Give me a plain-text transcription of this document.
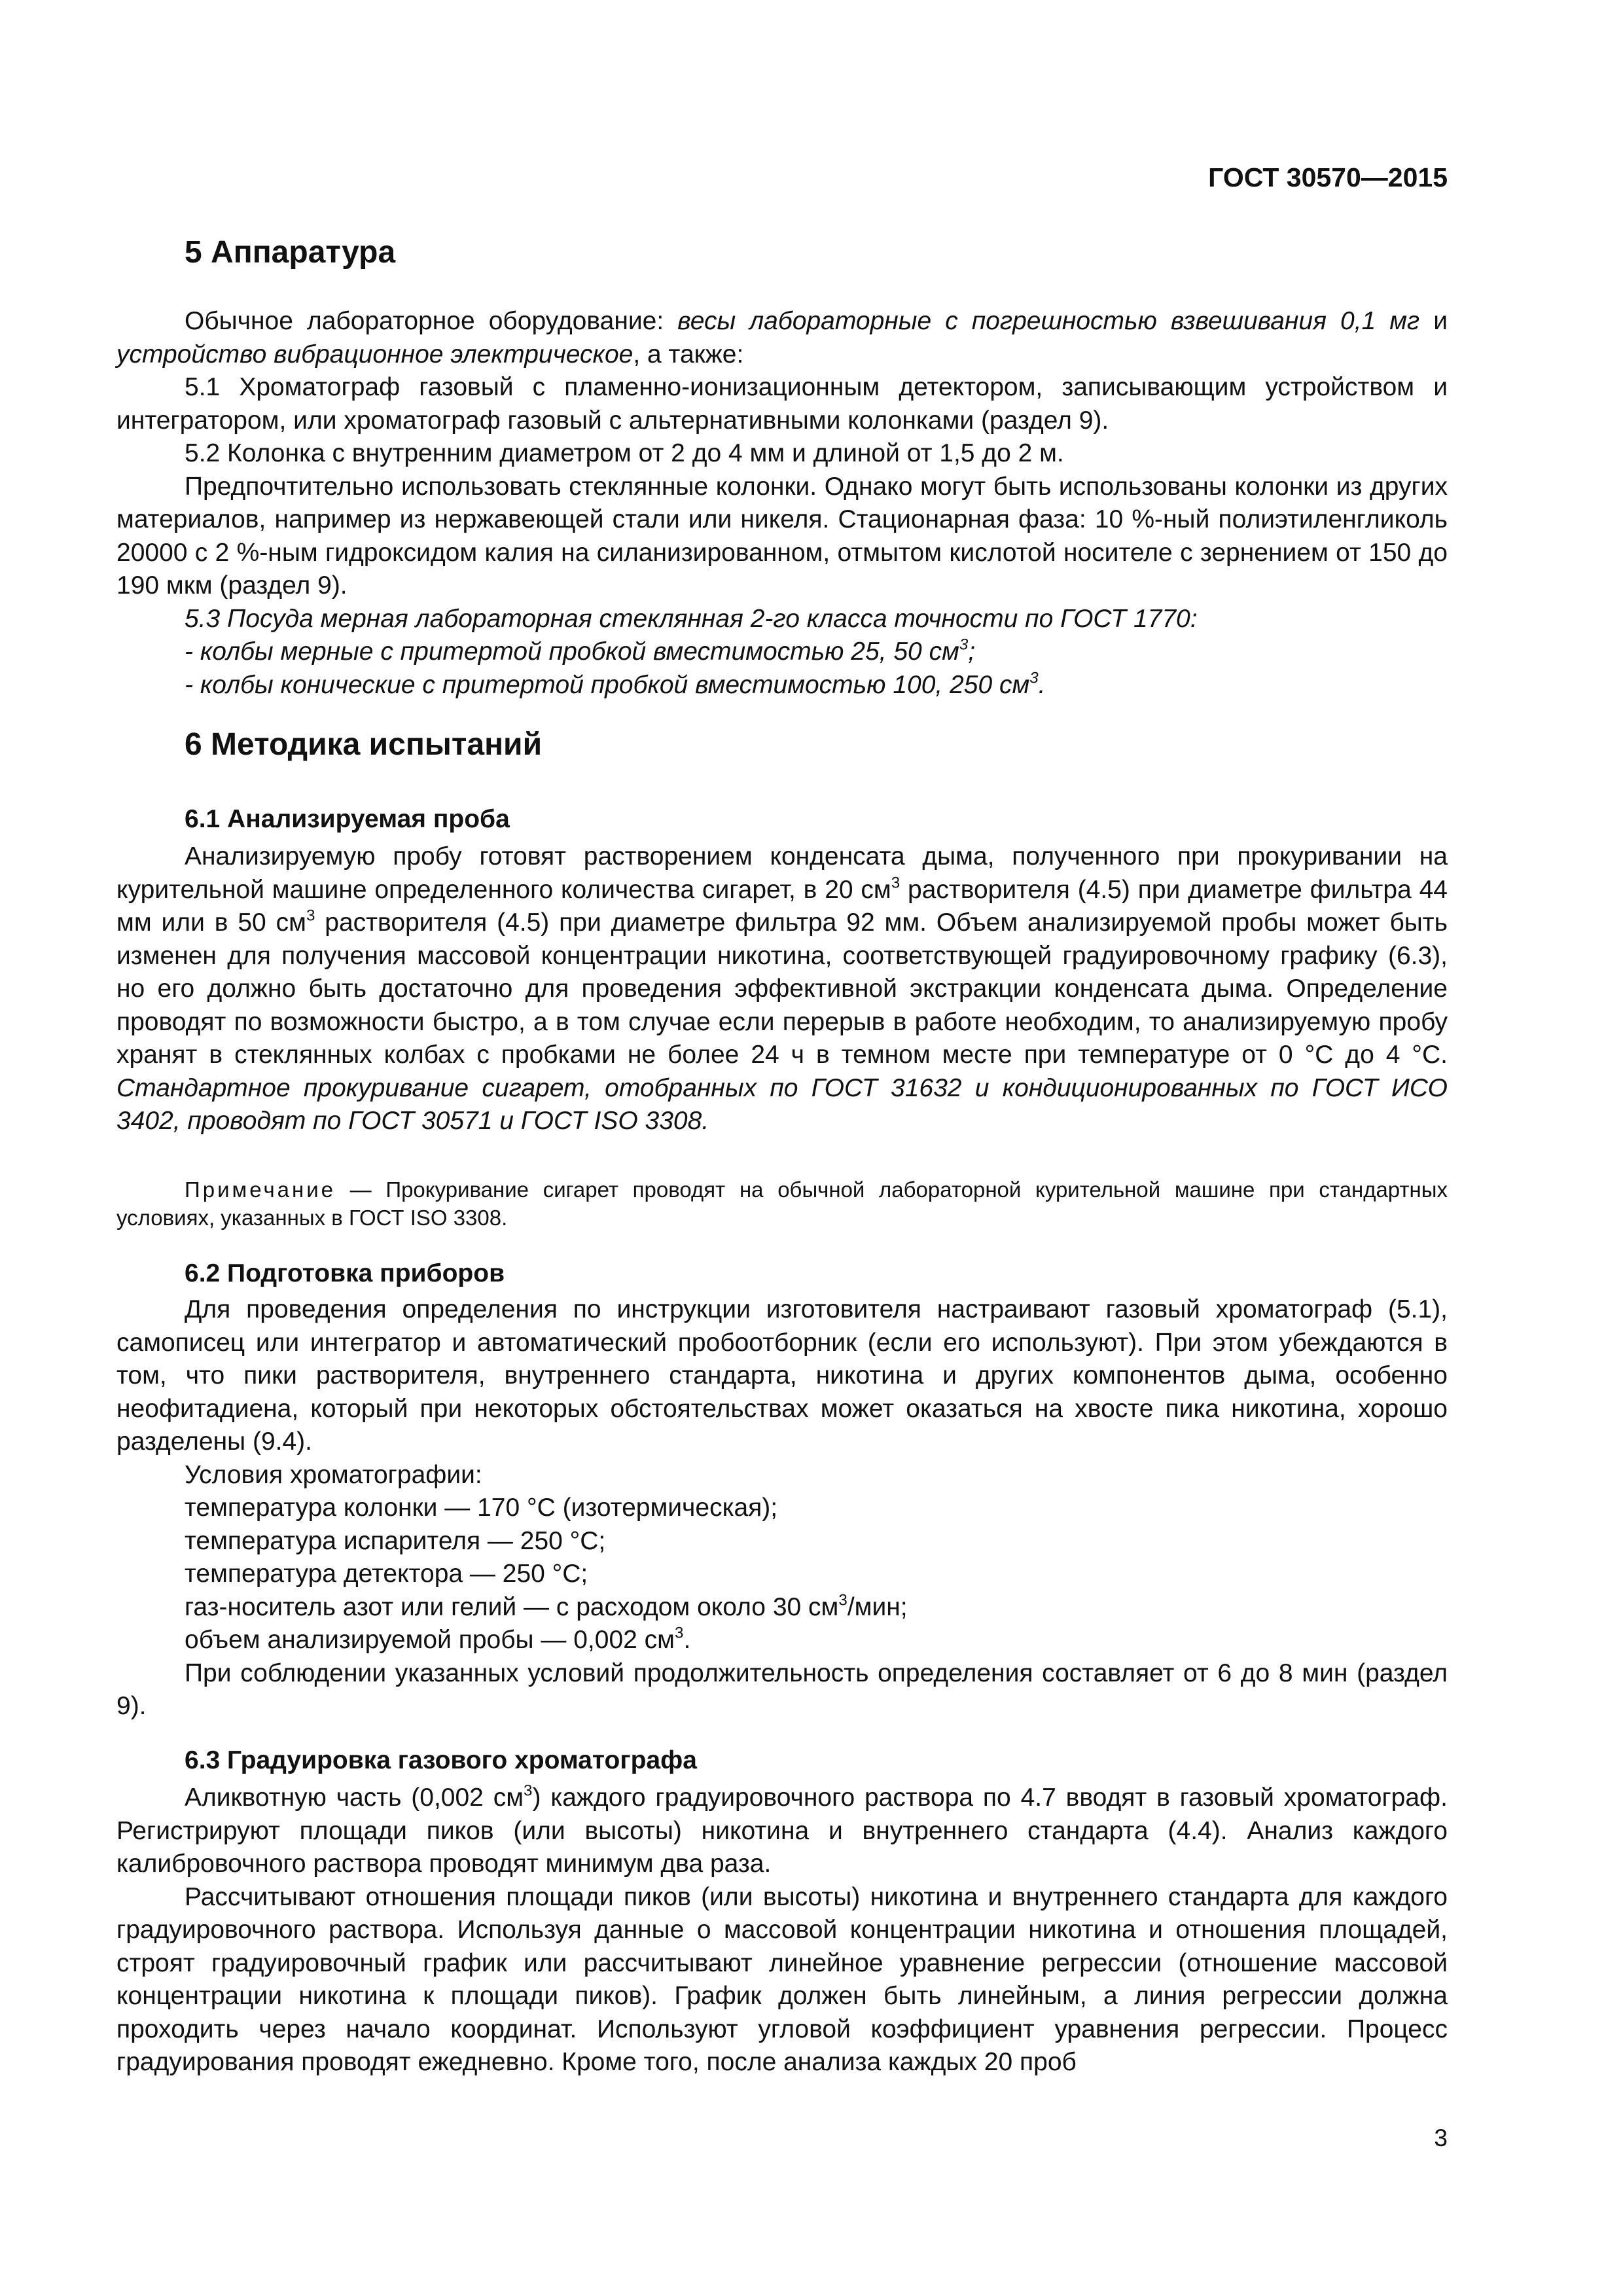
ГОСТ 30570—2015
5 Аппаратура

Обычное лабораторное оборудование: весы лабораторные с погрешностью взвешивания 0,1 мг и устройство вибрационное электрическое, а также:

5.1 Хроматограф газовый с пламенно-ионизационным детектором, записывающим устройством и интегратором, или хроматограф газовый с альтернативными колонками (раздел 9).

5.2 Колонка с внутренним диаметром от 2 до 4 мм и длиной от 1,5 до 2 м.

Предпочтительно использовать стеклянные колонки. Однако могут быть использованы колонки из других материалов, например из нержавеющей стали или никеля. Стационарная фаза: 10 %-ный полиэтиленгликоль 20000 с 2 %-ным гидроксидом калия на силанизированном, отмытом кислотой носителе с зернением от 150 до 190 мкм (раздел 9).

5.3 Посуда мерная лабораторная стеклянная 2-го класса точности по ГОСТ 1770:

- колбы мерные с притертой пробкой вместимостью 25, 50 $см^3$;

- колбы конические с притертой пробкой вместимостью 100, 250 $см^3$.

6 Методика испытаний
6.1 Анализируемая проба

Анализируемую пробу готовят растворением конденсата дыма, полученного при прокуривании на курительной машине определенного количества сигарет, в 20 $см^3$ растворителя (4.5) при диаметре фильтра 44 мм или в 50 $см^3$ растворителя (4.5) при диаметре фильтра 92 мм. Объем анализируемой пробы может быть изменен для получения массовой концентрации никотина, соответствующей градуировочному графику (6.3), но его должно быть достаточно для проведения эффективной экстракции конденсата дыма. Определение проводят по возможности быстро, а в том случае если перерыв в работе необходим, то анализируемую пробу хранят в стеклянных колбах с пробками не более 24 ч в темном месте при температуре от 0 °С до 4 °С. Стандартное прокуривание сигарет, отобранных по ГОСТ 31632 и кондиционированных по ГОСТ ИСО 3402, проводят по ГОСТ 30571 и ГОСТ ISO 3308.

Примечание — Прокуривание сигарет проводят на обычной лабораторной курительной машине при стандартных условиях, указанных в ГОСТ ISO 3308.

6.2 Подготовка приборов

Для проведения определения по инструкции изготовителя настраивают газовый хроматограф (5.1), самописец или интегратор и автоматический пробоотборник (если его используют). При этом убеждаются в том, что пики растворителя, внутреннего стандарта, никотина и других компонентов дыма, особенно неофитадиена, который при некоторых обстоятельствах может оказаться на хвосте пика никотина, хорошо разделены (9.4).

Условия хроматографии:

температура колонки — 170 °С (изотермическая);

температура испарителя — 250 °С;

температура детектора — 250 °С;

газ-носитель азот или гелий — с расходом около 30 $см^3$/мин;

объем анализируемой пробы — 0,002 $см^3$.

При соблюдении указанных условий продолжительность определения составляет от 6 до 8 мин (раздел 9).

6.3 Градуировка газового хроматографа

Аликвотную часть (0,002 $см^3$) каждого градуировочного раствора по 4.7 вводят в газовый хроматограф. Регистрируют площади пиков (или высоты) никотина и внутреннего стандарта (4.4). Анализ каждого калибровочного раствора проводят минимум два раза.

Рассчитывают отношения площади пиков (или высоты) никотина и внутреннего стандарта для каждого градуировочного раствора. Используя данные о массовой концентрации никотина и отношения площадей, строят градуировочный график или рассчитывают линейное уравнение регрессии (отношение массовой концентрации никотина к площади пиков). График должен быть линейным, а линия регрессии должна проходить через начало координат. Используют угловой коэффициент уравнения регрессии. Процесс градуирования проводят ежедневно. Кроме того, после анализа каждых 20 проб

3
